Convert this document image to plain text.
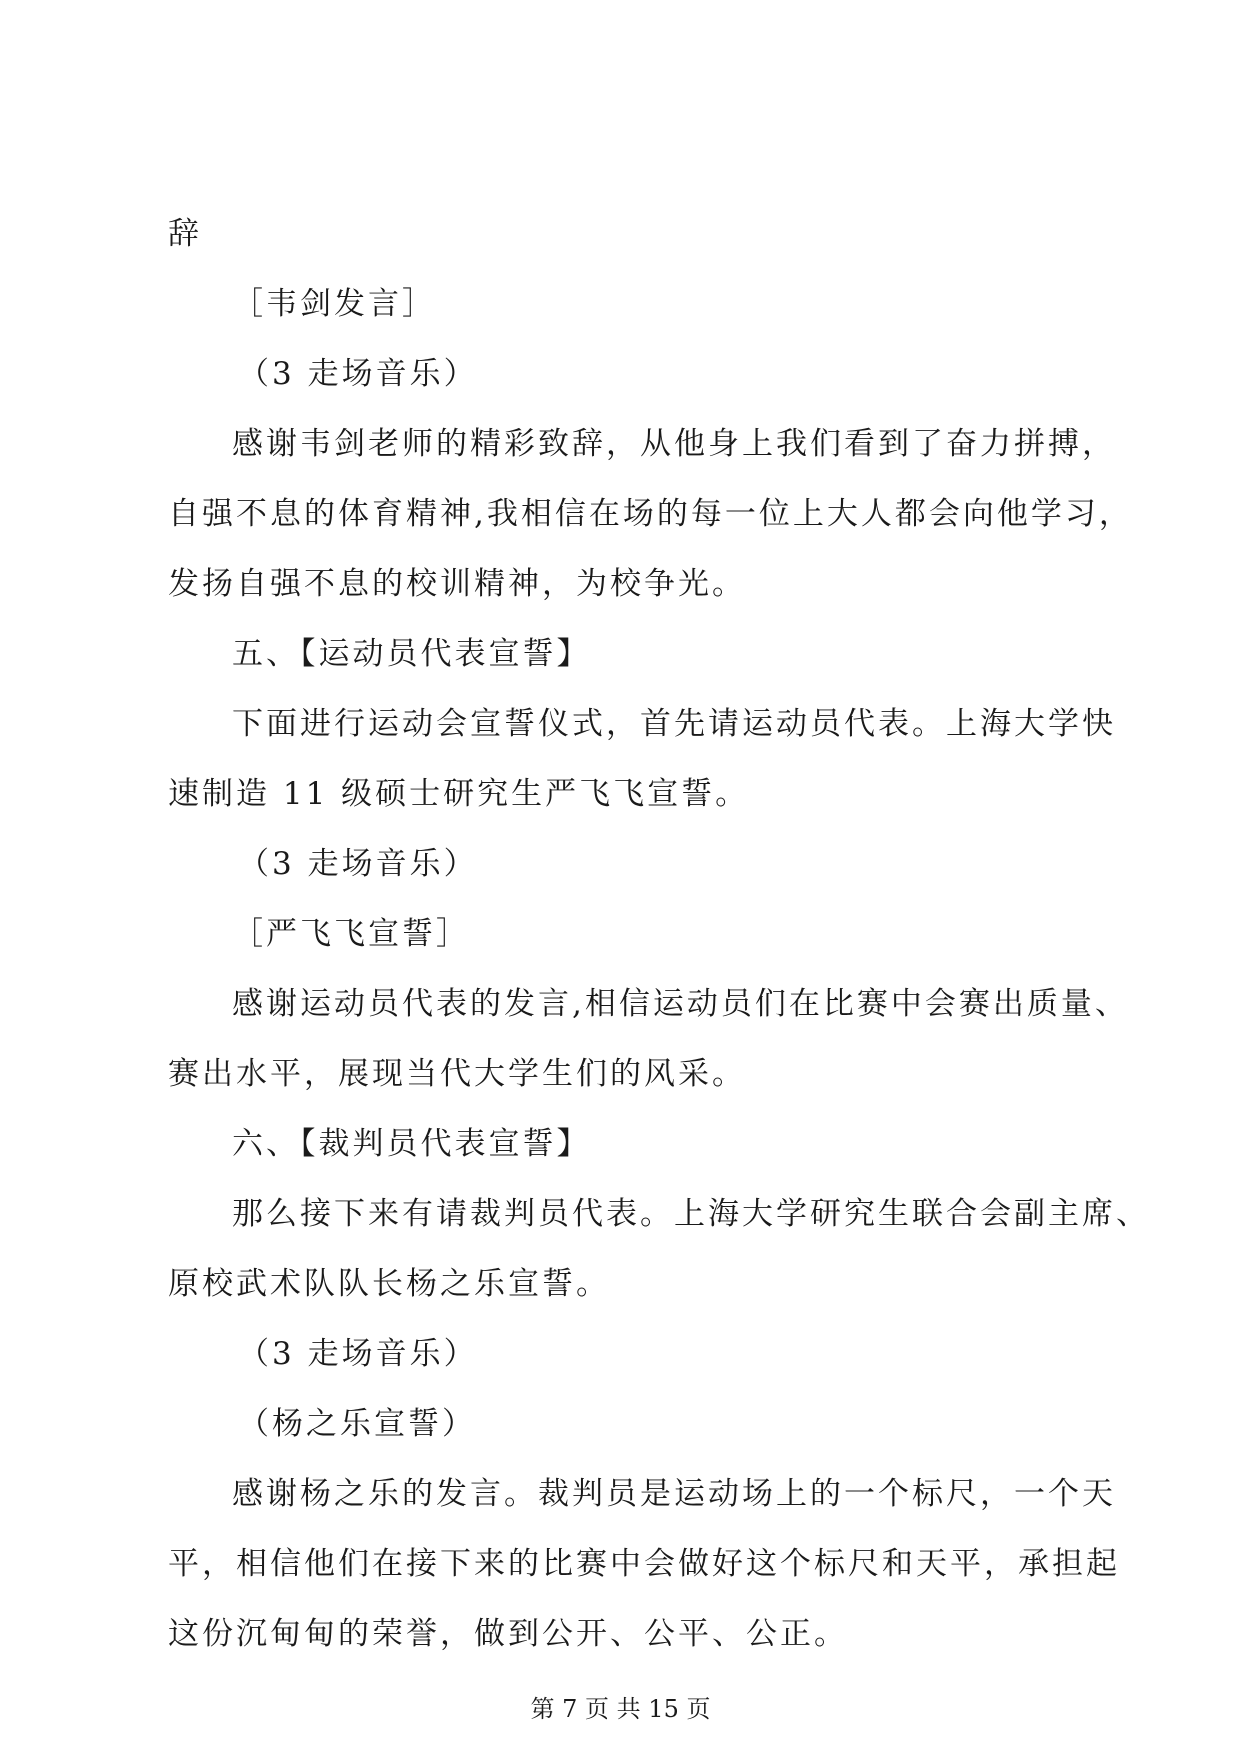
辞
［韦剑发言］
（3 走场音乐）
感谢韦剑老师的精彩致辞，从他身上我们看到了奋力拼搏，
自强不息的体育精神,我相信在场的每一位上大人都会向他学习，
发扬自强不息的校训精神，为校争光。
五、【运动员代表宣誓】
下面进行运动会宣誓仪式，首先请运动员代表。上海大学快
速制造 11 级硕士研究生严飞飞宣誓。
（3 走场音乐）
［严飞飞宣誓］
感谢运动员代表的发言,相信运动员们在比赛中会赛出质量、
赛出水平，展现当代大学生们的风采。
六、【裁判员代表宣誓】
那么接下来有请裁判员代表。上海大学研究生联合会副主席、
原校武术队队长杨之乐宣誓。
（3 走场音乐）
（杨之乐宣誓）
感谢杨之乐的发言。裁判员是运动场上的一个标尺，一个天
平，相信他们在接下来的比赛中会做好这个标尺和天平，承担起
这份沉甸甸的荣誉，做到公开、公平、公正。
第 7 页 共 15 页
